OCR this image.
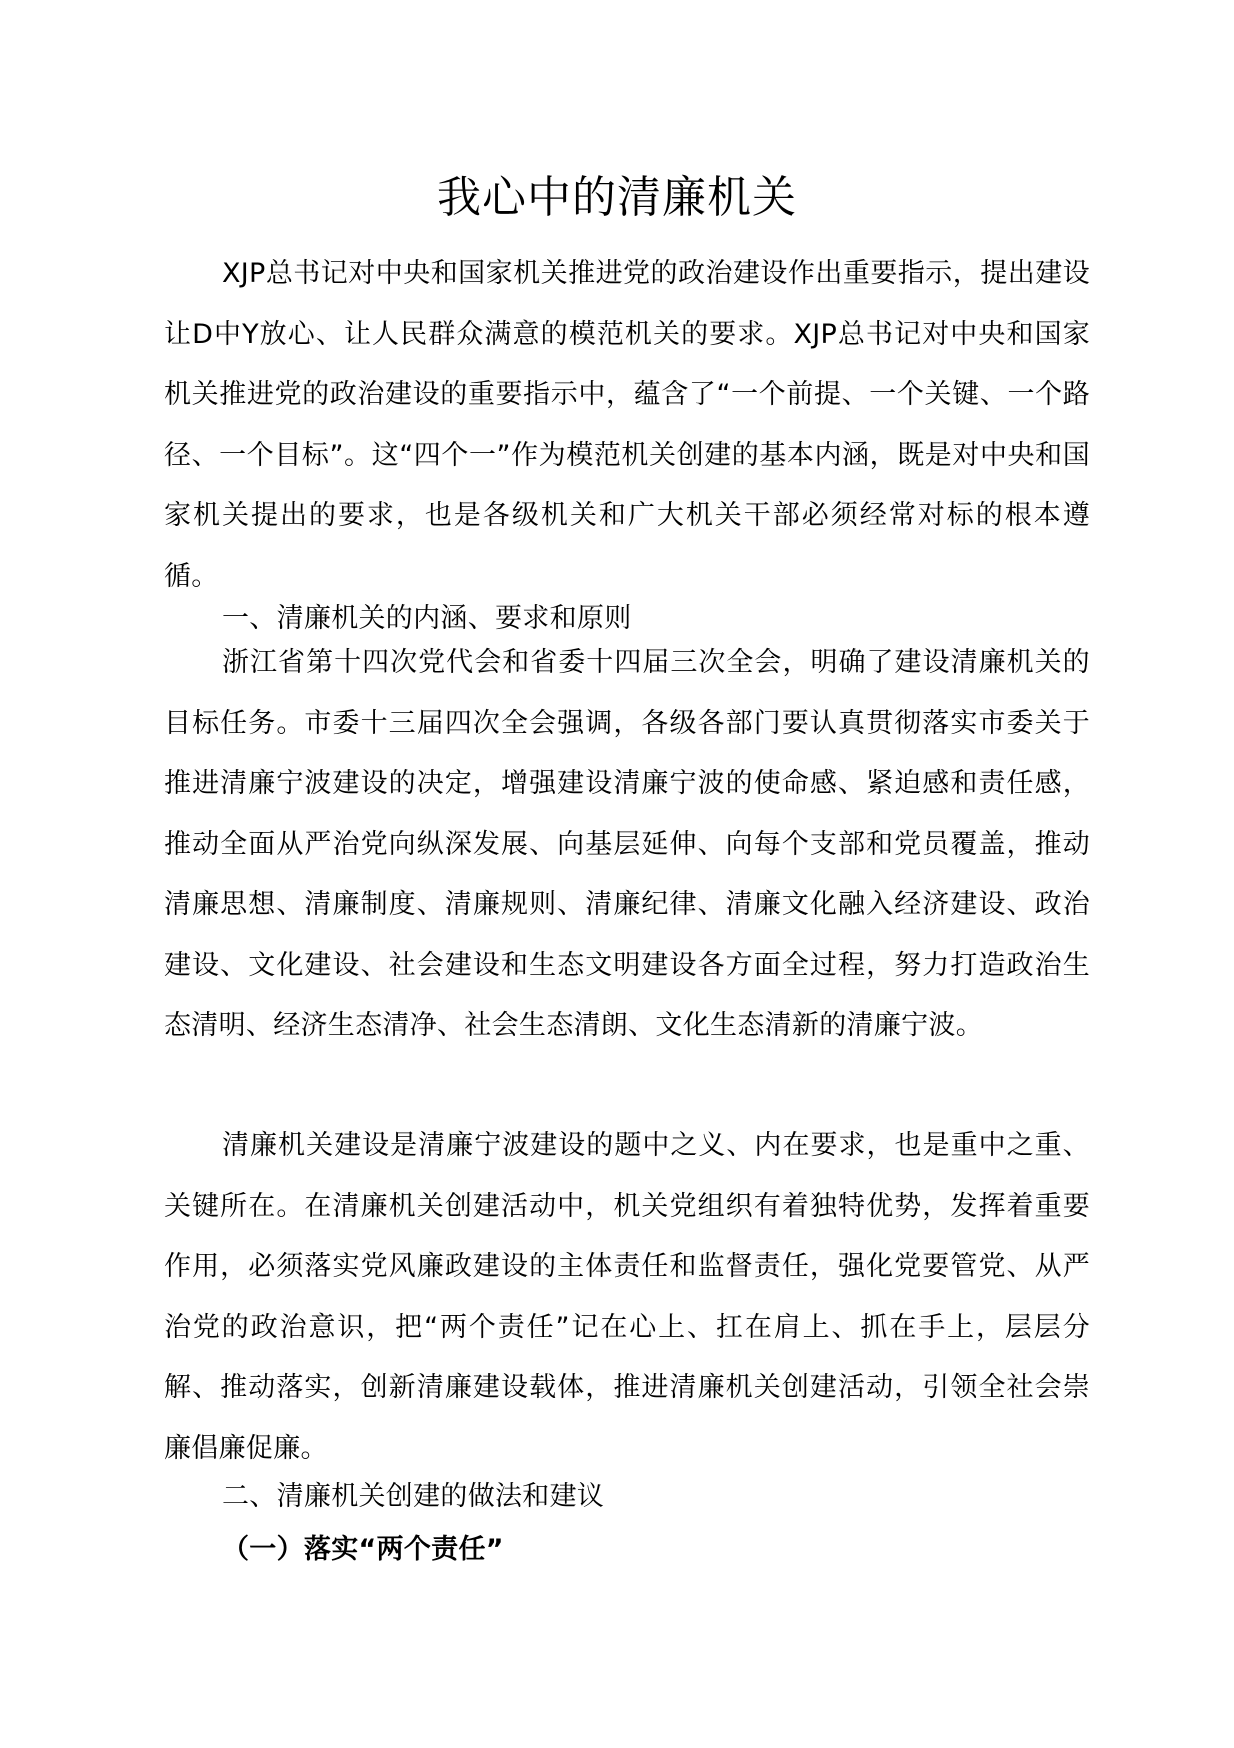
我心中的清廉机关

XJP总书记对中央和国家机关推进党的政治建设作出重要指示，提出建设让D中Y放心、让人民群众满意的模范机关的要求。XJP总书记对中央和国家机关推进党的政治建设的重要指示中，蕴含了“一个前提、一个关键、一个路径、一个目标”。这“四个一”作为模范机关创建的基本内涵，既是对中央和国家机关提出的要求，也是各级机关和广大机关干部必须经常对标的根本遵循。

一、清廉机关的内涵、要求和原则

浙江省第十四次党代会和省委十四届三次全会，明确了建设清廉机关的目标任务。市委十三届四次全会强调，各级各部门要认真贯彻落实市委关于推进清廉宁波建设的决定，增强建设清廉宁波的使命感、紧迫感和责任感，推动全面从严治党向纵深发展、向基层延伸、向每个支部和党员覆盖，推动清廉思想、清廉制度、清廉规则、清廉纪律、清廉文化融入经济建设、政治建设、文化建设、社会建设和生态文明建设各方面全过程，努力打造政治生态清明、经济生态清净、社会生态清朗、文化生态清新的清廉宁波。

清廉机关建设是清廉宁波建设的题中之义、内在要求，也是重中之重、关键所在。在清廉机关创建活动中，机关党组织有着独特优势，发挥着重要作用，必须落实党风廉政建设的主体责任和监督责任，强化党要管党、从严治党的政治意识，把“两个责任”记在心上、扛在肩上、抓在手上，层层分解、推动落实，创新清廉建设载体，推进清廉机关创建活动，引领全社会崇廉倡廉促廉。

二、清廉机关创建的做法和建议
（一）落实“两个责任”
